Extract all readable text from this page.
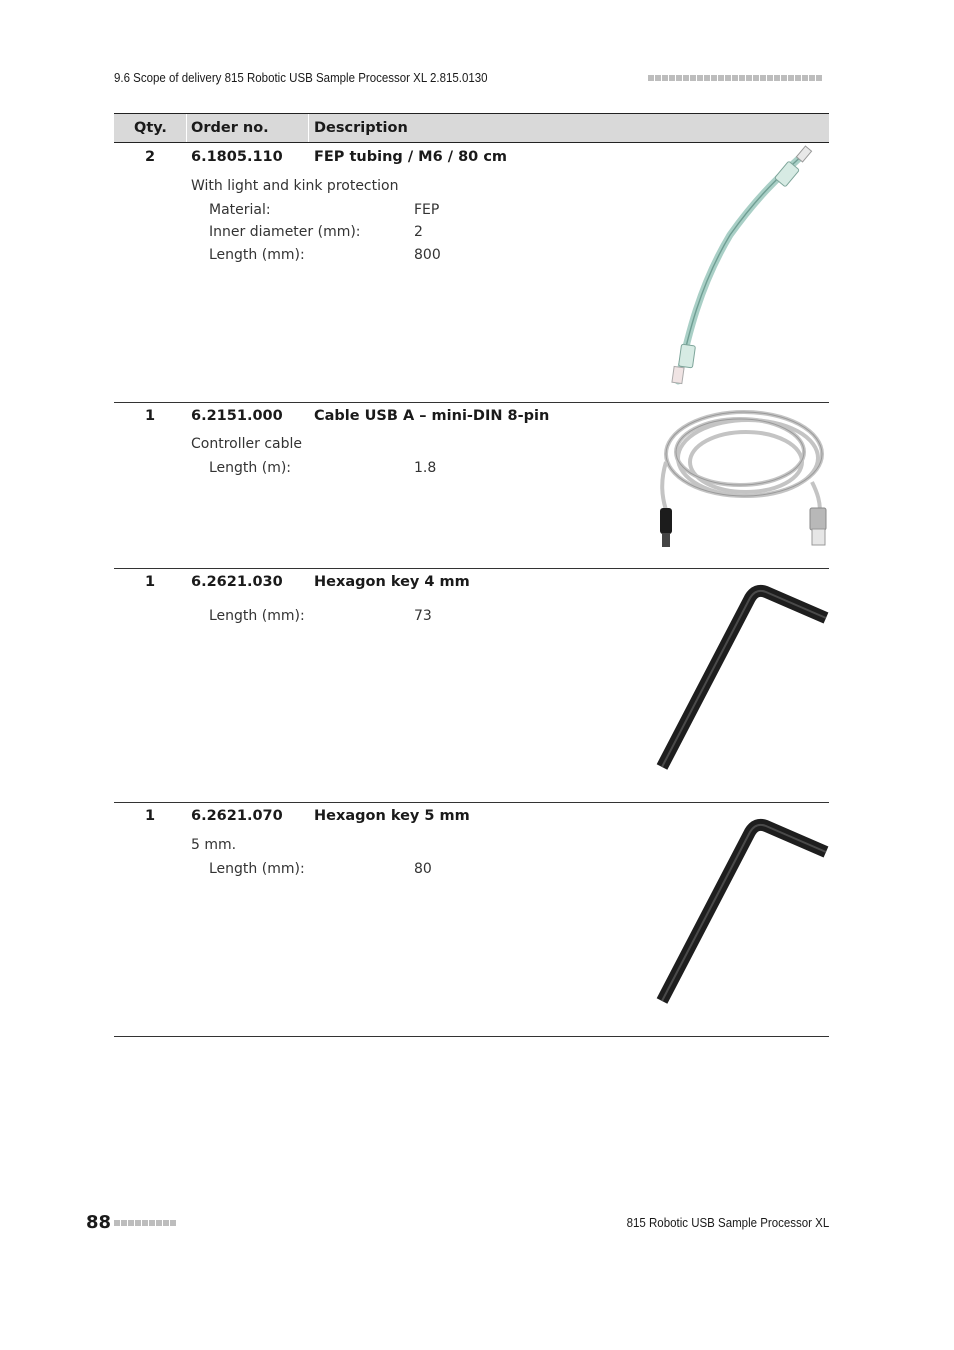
9.6 Scope of delivery 815 Robotic USB Sample Processor XL 2.815.0130
Qty. Order no.	Description
2	6.1805.110 FEP tubing / M6 / 80 cm
With light and kink protection
Material:	FEP
Inner diameter (mm):	2
Length (mm):	800
1	6.2151.000 Cable USB A – mini-DIN 8-pin
Controller cable
Length (m):	1.8
1	6.2621.030 Hexagon key 4 mm
Length (mm):	73
1	6.2621.070 Hexagon key 5 mm
5 mm.
Length (mm):	80
88	815 Robotic USB Sample Processor XL
